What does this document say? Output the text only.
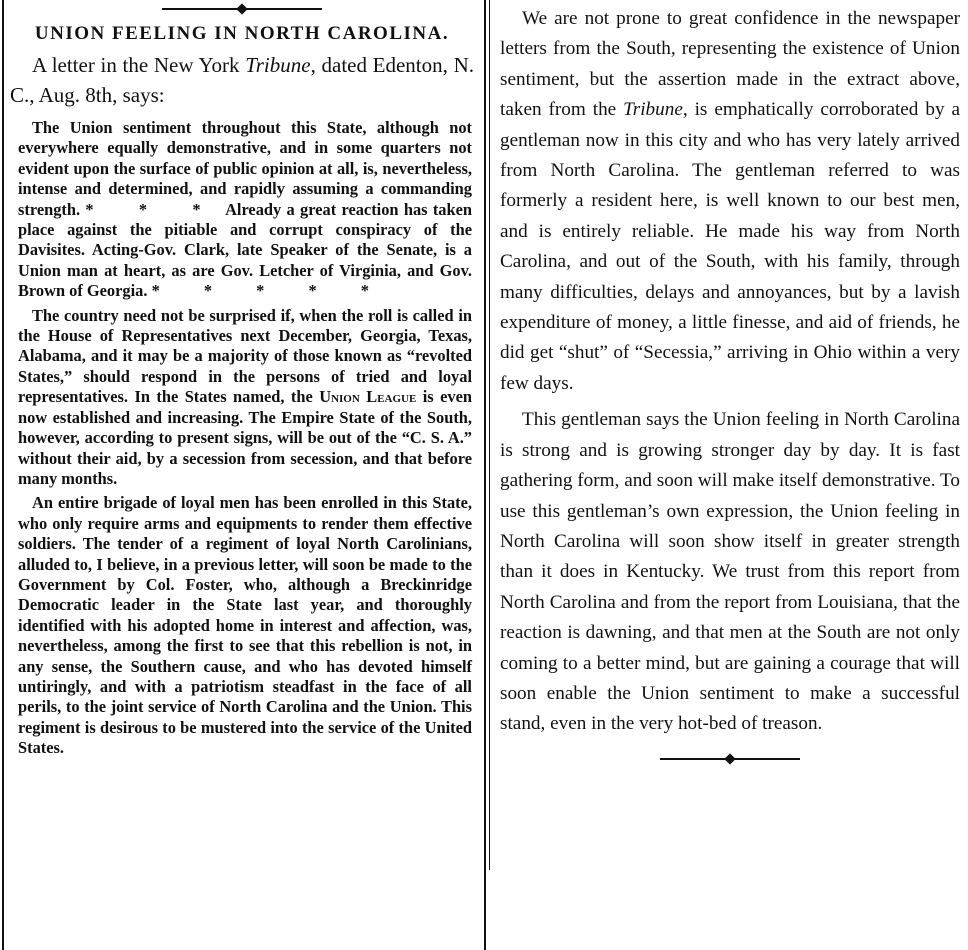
UNION FEELING IN NORTH CAROLINA.
A letter in the New York Tribune, dated Edenton, N. C., Aug. 8th, says:

The Union sentiment throughout this State, although not everywhere equally demonstrative, and in some quarters not evident upon the surface of public opinion at all, is, nevertheless, intense and determined, and rapidly assuming a commanding strength. * * * Already a great reaction has taken place against the pitiable and corrupt conspiracy of the Davisites. Acting-Gov. Clark, late Speaker of the Senate, is a Union man at heart, as are Gov. Letcher of Virginia, and Gov. Brown of Georgia. * * * * *

The country need not be surprised if, when the roll is called in the House of Representatives next December, Georgia, Texas, Alabama, and it may be a majority of those known as “revolted States,” should respond in the persons of tried and loyal representatives. In the States named, the Union League is even now established and increasing. The Empire State of the South, however, according to present signs, will be out of the “C. S. A.” without their aid, by a secession from secession, and that before many months.

An entire brigade of loyal men has been enrolled in this State, who only require arms and equipments to render them effective soldiers. The tender of a regiment of loyal North Carolinians, alluded to, I believe, in a previous letter, will soon be made to the Government by Col. Foster, who, although a Breckinridge Democratic leader in the State last year, and thoroughly identified with his adopted home in interest and affection, was, nevertheless, among the first to see that this rebellion is not, in any sense, the Southern cause, and who has devoted himself untiringly, and with a patriotism steadfast in the face of all perils, to the joint service of North Carolina and the Union. This regiment is desirous to be mustered into the service of the United States.

We are not prone to great confidence in the newspaper letters from the South, representing the existence of Union sentiment, but the assertion made in the extract above, taken from the Tribune, is emphatically corroborated by a gentleman now in this city and who has very lately arrived from North Carolina. The gentleman referred to was formerly a resident here, is well known to our best men, and is entirely reliable. He made his way from North Carolina, and out of the South, with his family, through many difficulties, delays and annoyances, but by a lavish expenditure of money, a little finesse, and aid of friends, he did get “shut” of “Secessia,” arriving in Ohio within a very few days.

This gentleman says the Union feeling in North Carolina is strong and is growing stronger day by day. It is fast gathering form, and soon will make itself demonstrative. To use this gentleman’s own expression, the Union feeling in North Carolina will soon show itself in greater strength than it does in Kentucky. We trust from this report from North Carolina and from the report from Louisiana, that the reaction is dawning, and that men at the South are not only coming to a better mind, but are gaining a courage that will soon enable the Union sentiment to make a successful stand, even in the very hot-bed of treason.
